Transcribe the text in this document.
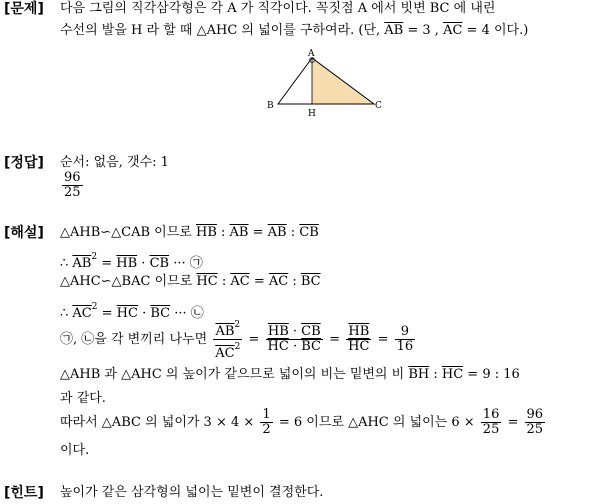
[문제] 다음 그림의 직각삼각형은 각 A 가 직각이다. 꼭짓점 A 에서 빗변 BC 에 내린
수선의 발을 H 라 할 때 △AHC 의 넓이를 구하여라. (단, $\overline{AB} = 3$ , $\overline{AC} = 4$ 이다.)
A
B
H
C
[정답] 순서: 없음, 갯수: 1
$\frac{96}{25}$
[해설] △AHB∽△CAB 이므로 $\overline{HB}$ : $\overline{AB} = \overline{AB}$ : $\overline{CB}$
∴ $\overline{AB}^2 = \overline{HB} \cdot \overline{CB}$ ··· ㉠
△AHC∽△BAC 이므로 $\overline{HC}$ : $\overline{AC} = \overline{AC}$ : $\overline{BC}$
∴ $\overline{AC}^2 = \overline{HC} \cdot \overline{BC}$ ··· ㉡
㉠, ㉡을 각 변끼리 나누면 $\frac{\overline{AB}^2}{\overline{AC}^2} = \frac{\overline{HB} \cdot \overline{CB}}{\overline{HC} \cdot \overline{BC}} = \frac{\overline{HB}}{HC} = \frac{9}{16}$
△AHB 과 △AHC 의 높이가 같으므로 넓이의 비는 밑변의 비 $\overline{BH}$ : $\overline{HC} = 9$ : 16
과 같다.
따라서 △ABC 의 넓이가 $3 \times 4 \times \frac{1}{2} = 6$ 이므로 △AHC 의 넓이는 $6 \times \frac{16}{25} = \frac{96}{25}$
이다.
[힌트] 높이가 같은 삼각형의 넓이는 밑변이 결정한다.
